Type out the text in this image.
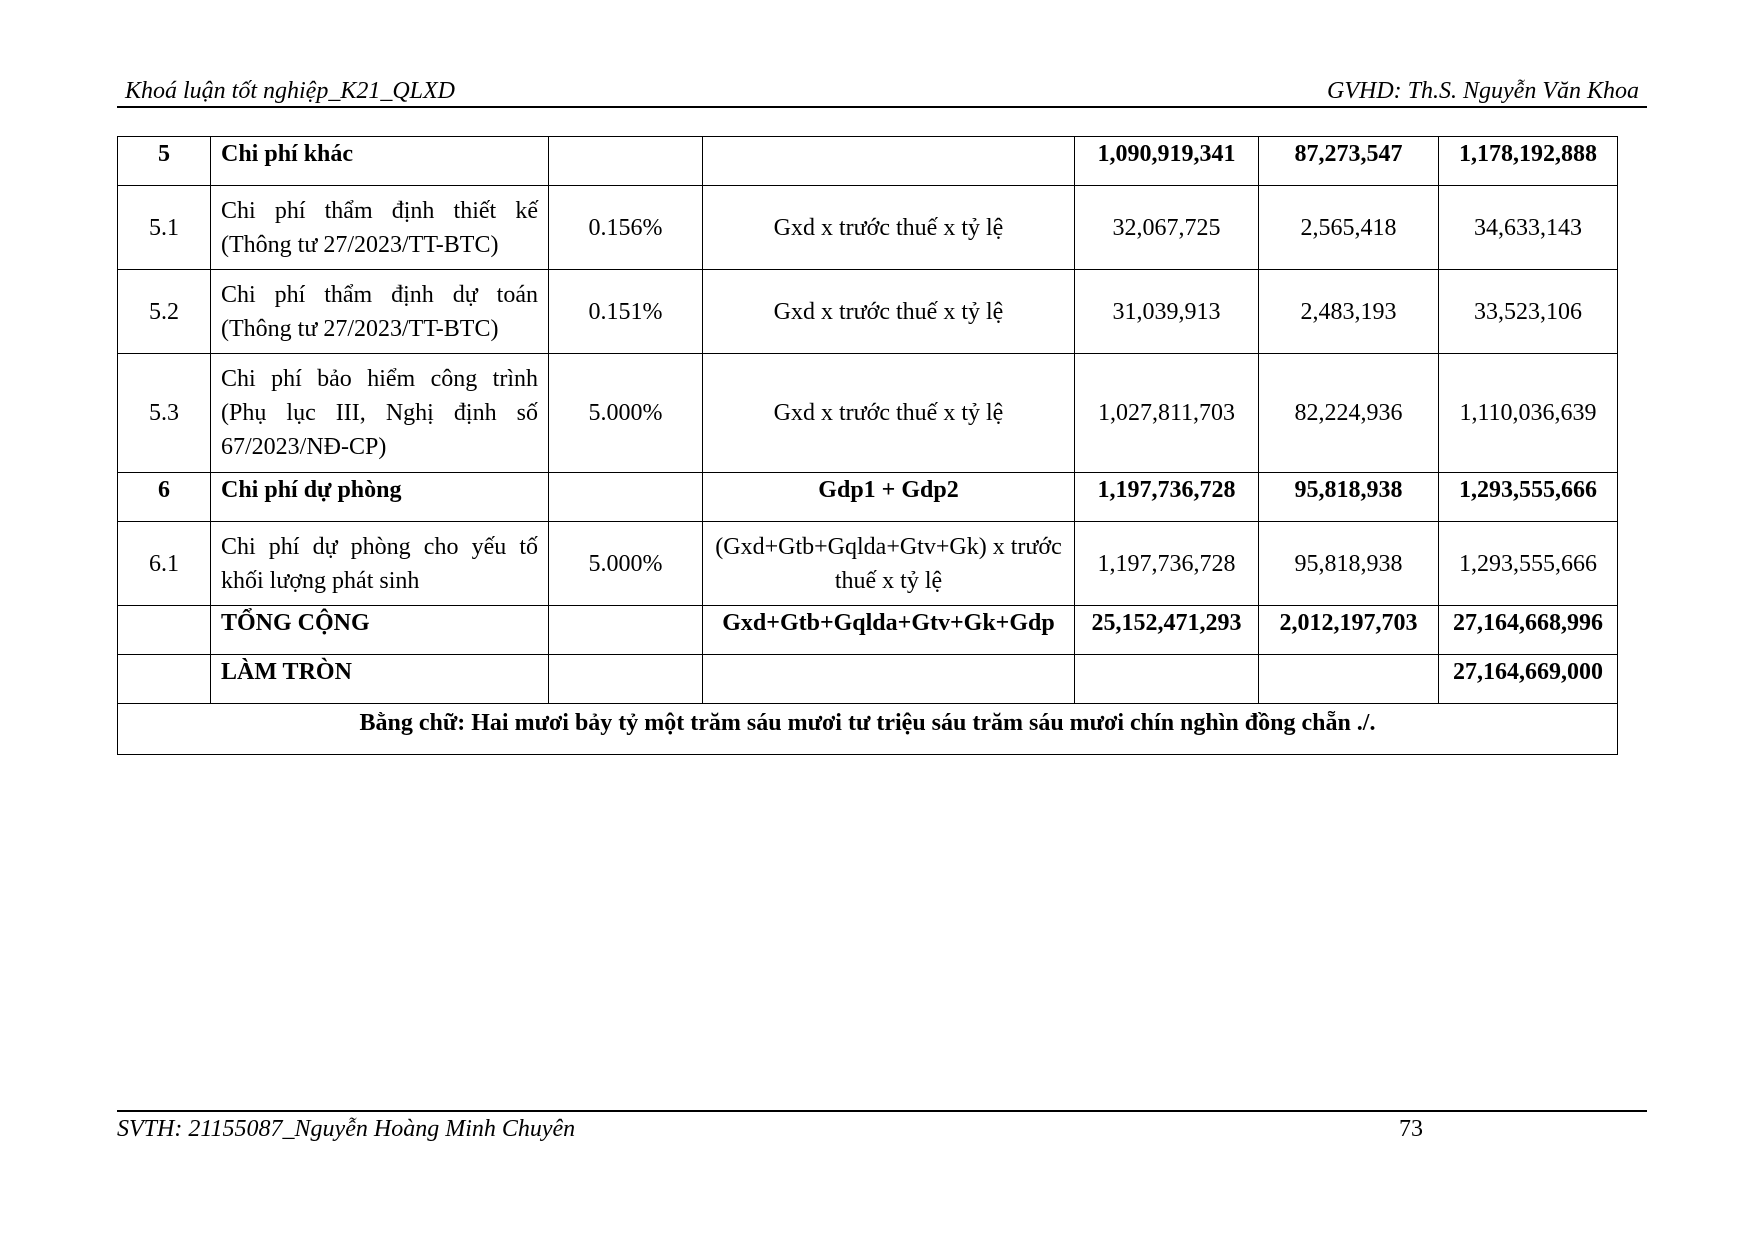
Khoá luận tốt nghiệp_K21_QLXD	GVHD: Th.S. Nguyễn Văn Khoa
5	Chi phí khác			1,090,919,341	87,273,547	1,178,192,888
5.1	Chi phí thẩm định thiết kế (Thông tư 27/2023/TT-BTC)	0.156%	Gxd x trước thuế x tỷ lệ	32,067,725	2,565,418	34,633,143
5.2	Chi phí thẩm định dự toán (Thông tư 27/2023/TT-BTC)	0.151%	Gxd x trước thuế x tỷ lệ	31,039,913	2,483,193	33,523,106
5.3	Chi phí bảo hiểm công trình (Phụ lục III, Nghị định số 67/2023/NĐ-CP)	5.000%	Gxd x trước thuế x tỷ lệ	1,027,811,703	82,224,936	1,110,036,639
6	Chi phí dự phòng		Gdp1 + Gdp2	1,197,736,728	95,818,938	1,293,555,666
6.1	Chi phí dự phòng cho yếu tố khối lượng phát sinh	5.000%	(Gxd+Gtb+Gqlda+Gtv+Gk) x trước thuế x tỷ lệ	1,197,736,728	95,818,938	1,293,555,666
	TỔNG CỘNG		Gxd+Gtb+Gqlda+Gtv+Gk+Gdp	25,152,471,293	2,012,197,703	27,164,668,996
	LÀM TRÒN					27,164,669,000
Bằng chữ: Hai mươi bảy tỷ một trăm sáu mươi tư triệu sáu trăm sáu mươi chín nghìn đồng chẵn ./.						
SVTH: 21155087_Nguyễn Hoàng Minh Chuyên	73
